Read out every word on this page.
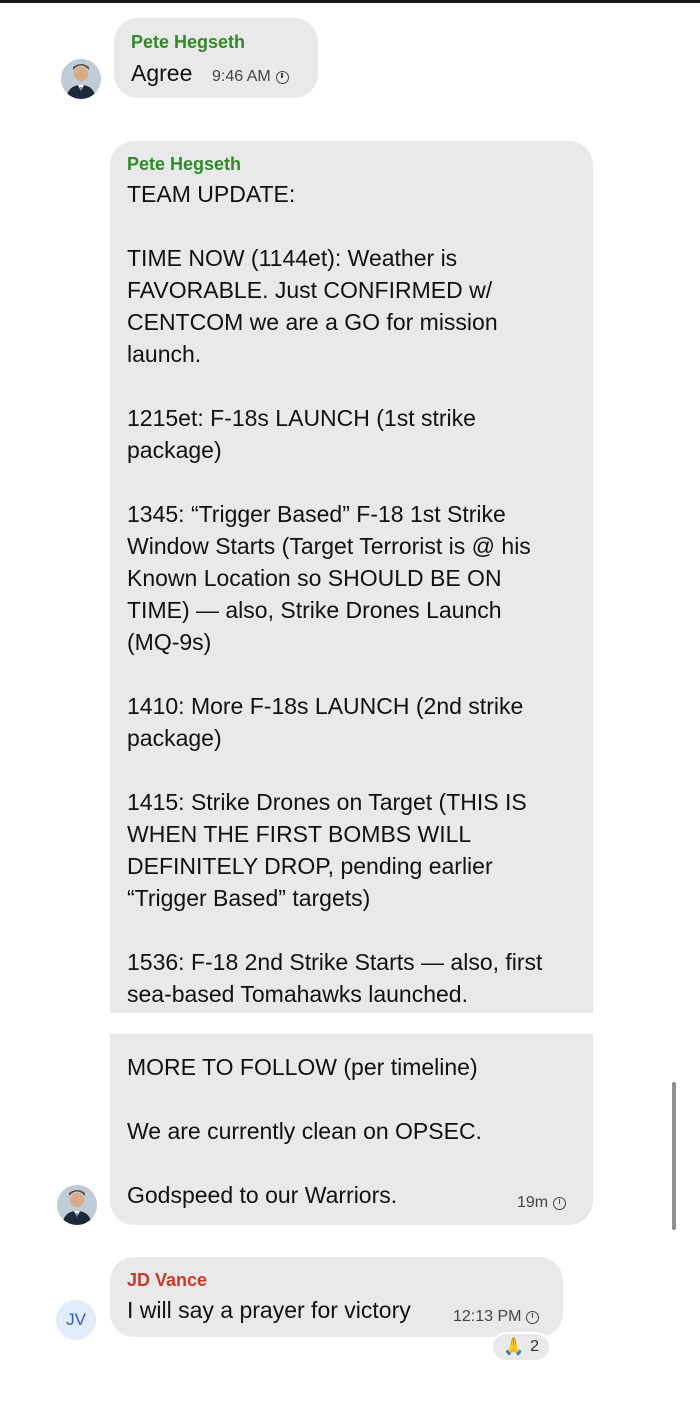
Pete Hegseth
Agree 9:46 AM
Pete Hegseth
TEAM UPDATE:

TIME NOW (1144et): Weather is
FAVORABLE. Just CONFIRMED w/
CENTCOM we are a GO for mission
launch.

1215et: F-18s LAUNCH (1st strike
package)

1345: “Trigger Based” F-18 1st Strike
Window Starts (Target Terrorist is @ his
Known Location so SHOULD BE ON
TIME) — also, Strike Drones Launch
(MQ-9s)

1410: More F-18s LAUNCH (2nd strike
package)

1415: Strike Drones on Target (THIS IS
WHEN THE FIRST BOMBS WILL
DEFINITELY DROP, pending earlier
“Trigger Based” targets)

1536: F-18 2nd Strike Starts — also, first
sea-based Tomahawks launched.
MORE TO FOLLOW (per timeline)

We are currently clean on OPSEC.

Godspeed to our Warriors.	19m
JV
JD Vance
I will say a prayer for victory	12:13 PM
🙏 2
